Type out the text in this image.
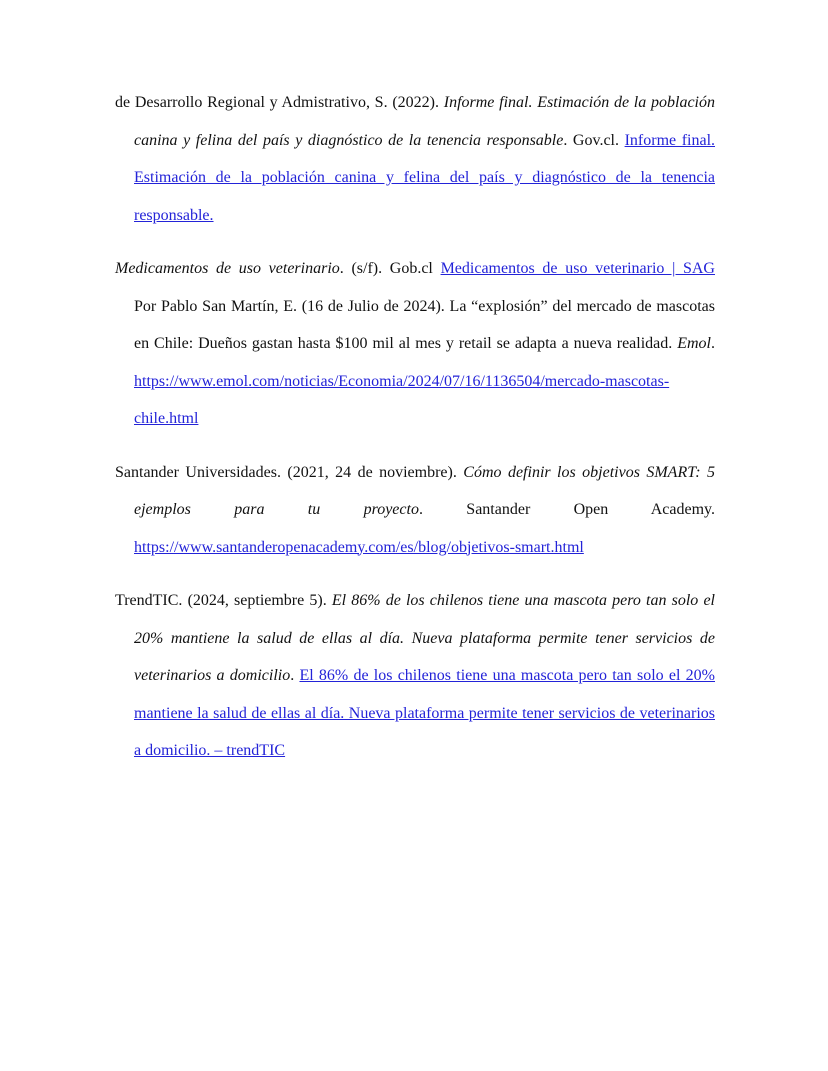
de Desarrollo Regional y Admistrativo, S. (2022). Informe final. Estimación de la población
canina y felina del país y diagnóstico de la tenencia responsable. Gov.cl. Informe final.
Estimación de la población canina y felina del país y diagnóstico de la tenencia
responsable.
Medicamentos de uso veterinario. (s/f). Gob.cl Medicamentos de uso veterinario | SAG
Por Pablo San Martín, E. (16 de Julio de 2024). La “explosión” del mercado de mascotas
en Chile: Dueños gastan hasta $100 mil al mes y retail se adapta a nueva realidad. Emol.
https://www.emol.com/noticias/Economia/2024/07/16/1136504/mercado-mascotas-
chile.html
Santander Universidades. (2021, 24 de noviembre). Cómo definir los objetivos SMART: 5
ejemplos para tu proyecto. Santander Open Academy.
https://www.santanderopenacademy.com/es/blog/objetivos-smart.html
TrendTIC. (2024, septiembre 5). El 86% de los chilenos tiene una mascota pero tan solo el
20% mantiene la salud de ellas al día. Nueva plataforma permite tener servicios de
veterinarios a domicilio. El 86% de los chilenos tiene una mascota pero tan solo el 20%
mantiene la salud de ellas al día. Nueva plataforma permite tener servicios de veterinarios
a domicilio. – trendTIC
